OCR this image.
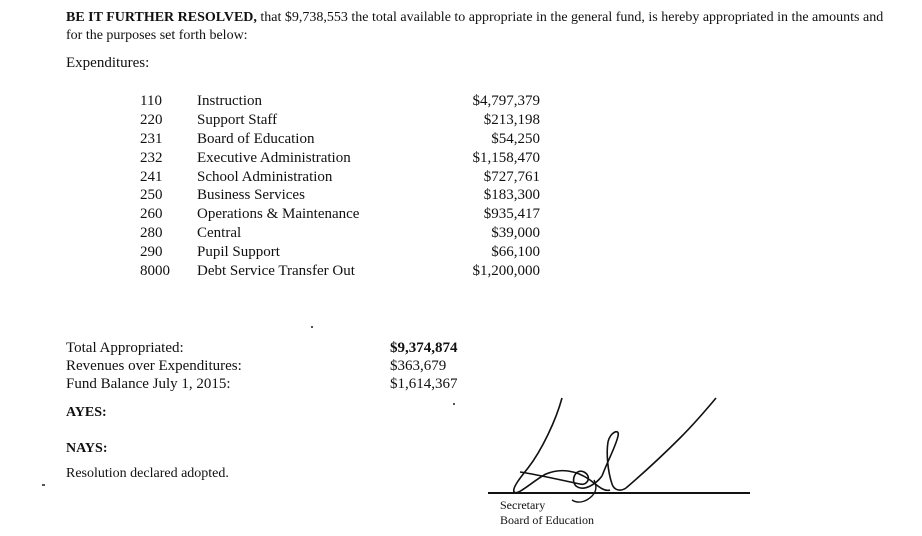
BE IT FURTHER RESOLVED, that $9,738,553 the total available to appropriate in the general fund, is hereby appropriated in the amounts and for the purposes set forth below:
Expenditures:
110	Instruction	$4,797,379
220	Support Staff	$213,198
231	Board of Education	$54,250
232	Executive Administration	$1,158,470
241	School Administration	$727,761
250	Business Services	$183,300
260	Operations & Maintenance	$935,417
280	Central	$39,000
290	Pupil Support	$66,100
8000	Debt Service Transfer Out	$1,200,000
Total Appropriated:	$9,374,874
Revenues over Expenditures:	$363,679
Fund Balance July 1, 2015:	$1,614,367
AYES:
NAYS:
Resolution declared adopted.
Secretary
Board of Education
